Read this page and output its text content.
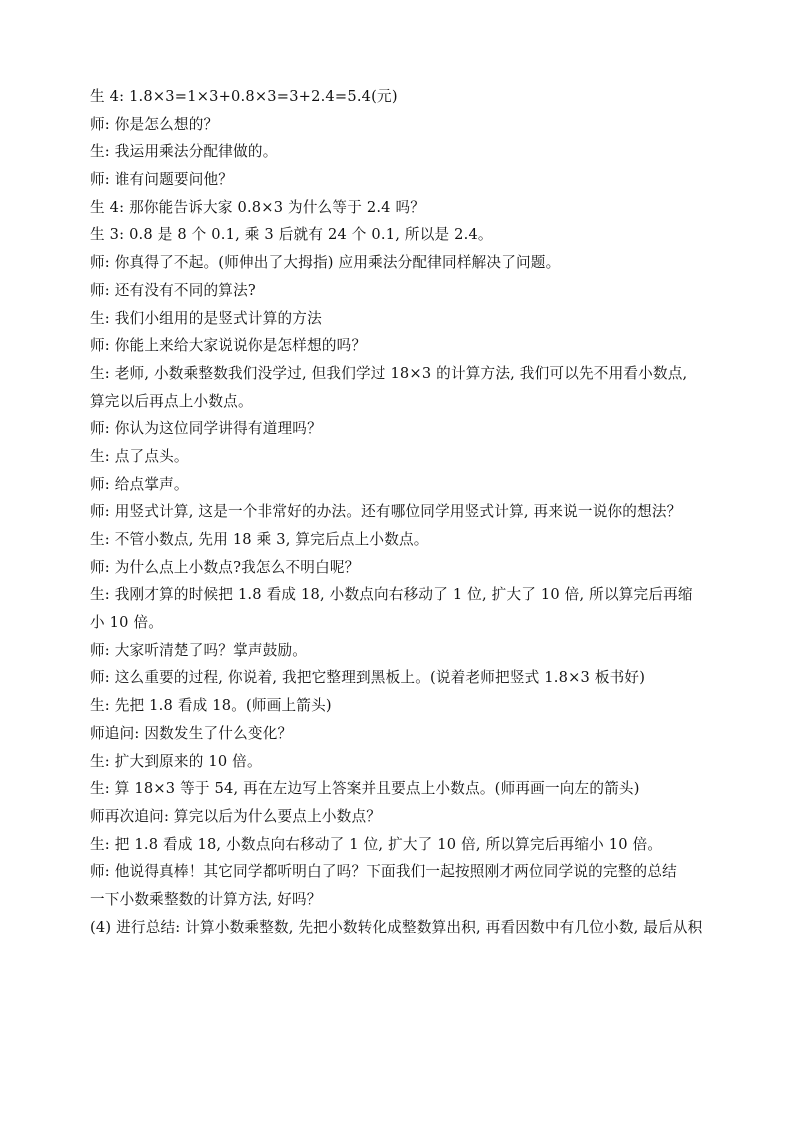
生 4: 1.8×3=1×3+0.8×3=3+2.4=5.4(元)
师: 你是怎么想的？
生: 我运用乘法分配律做的。
师: 谁有问题要问他？
生 4: 那你能告诉大家 0.8×3 为什么等于 2.4 吗？
生 3: 0.8 是 8 个 0.1, 乘 3 后就有 24 个 0.1, 所以是 2.4。
师: 你真得了不起。(师伸出了大拇指) 应用乘法分配律同样解决了问题。
师: 还有没有不同的算法?
生: 我们小组用的是竖式计算的方法
师: 你能上来给大家说说你是怎样想的吗？
生: 老师, 小数乘整数我们没学过, 但我们学过 18×3 的计算方法, 我们可以先不用看小数点,
算完以后再点上小数点。
师: 你认为这位同学讲得有道理吗？
生: 点了点头。
师: 给点掌声。
师: 用竖式计算, 这是一个非常好的办法。还有哪位同学用竖式计算, 再来说一说你的想法？
生: 不管小数点, 先用 18 乘 3, 算完后点上小数点。
师: 为什么点上小数点?我怎么不明白呢？
生: 我刚才算的时候把 1.8 看成 18, 小数点向右移动了 1 位, 扩大了 10 倍, 所以算完后再缩
小 10 倍。
师: 大家听清楚了吗？掌声鼓励。
师: 这么重要的过程, 你说着, 我把它整理到黑板上。(说着老师把竖式 1.8×3 板书好)
生: 先把 1.8 看成 18。(师画上箭头)
师追问: 因数发生了什么变化？
生: 扩大到原来的 10 倍。
生: 算 18×3 等于 54, 再在左边写上答案并且要点上小数点。(师再画一向左的箭头)
师再次追问: 算完以后为什么要点上小数点？
生: 把 1.8 看成 18, 小数点向右移动了 1 位, 扩大了 10 倍, 所以算完后再缩小 10 倍。
师: 他说得真棒！其它同学都听明白了吗？下面我们一起按照刚才两位同学说的完整的总结
一下小数乘整数的计算方法, 好吗？
(4) 进行总结: 计算小数乘整数, 先把小数转化成整数算出积, 再看因数中有几位小数, 最后从积
